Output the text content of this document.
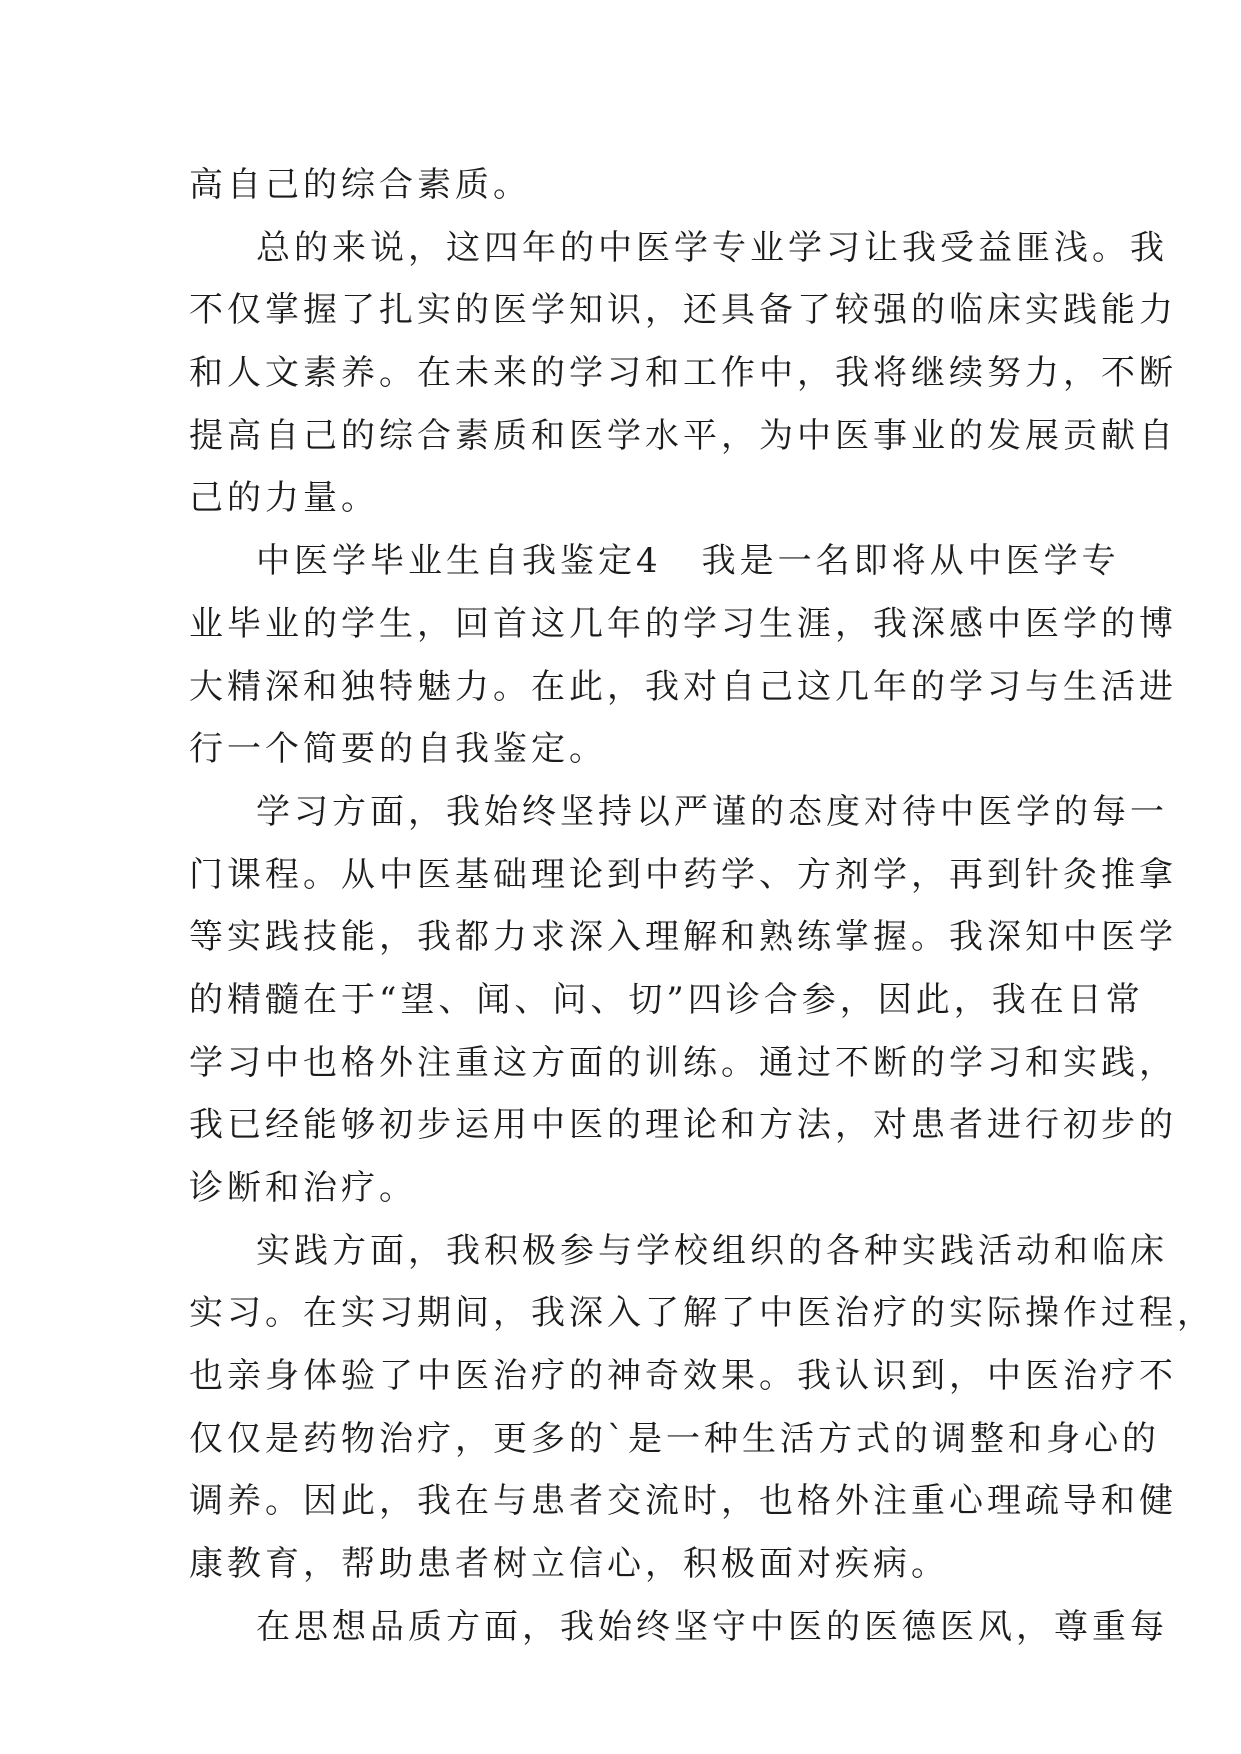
高自己的综合素质。

总的来说，这四年的中医学专业学习让我受益匪浅。我

不仅掌握了扎实的医学知识，还具备了较强的临床实践能力

和人文素养。在未来的学习和工作中，我将继续努力，不断

提高自己的综合素质和医学水平，为中医事业的发展贡献自

己的力量。

中医学毕业生自我鉴定4 我是一名即将从中医学专

业毕业的学生，回首这几年的学习生涯，我深感中医学的博

大精深和独特魅力。在此，我对自己这几年的学习与生活进

行一个简要的自我鉴定。

学习方面，我始终坚持以严谨的态度对待中医学的每一

门课程。从中医基础理论到中药学、方剂学，再到针灸推拿

等实践技能，我都力求深入理解和熟练掌握。我深知中医学

的精髓在于“望、闻、问、切”四诊合参，因此，我在日常

学习中也格外注重这方面的训练。通过不断的学习和实践，

我已经能够初步运用中医的理论和方法，对患者进行初步的

诊断和治疗。

实践方面，我积极参与学校组织的各种实践活动和临床

实习。在实习期间，我深入了解了中医治疗的实际操作过程，

也亲身体验了中医治疗的神奇效果。我认识到，中医治疗不

仅仅是药物治疗，更多的`是一种生活方式的调整和身心的

调养。因此，我在与患者交流时，也格外注重心理疏导和健

康教育，帮助患者树立信心，积极面对疾病。

在思想品质方面，我始终坚守中医的医德医风，尊重每
